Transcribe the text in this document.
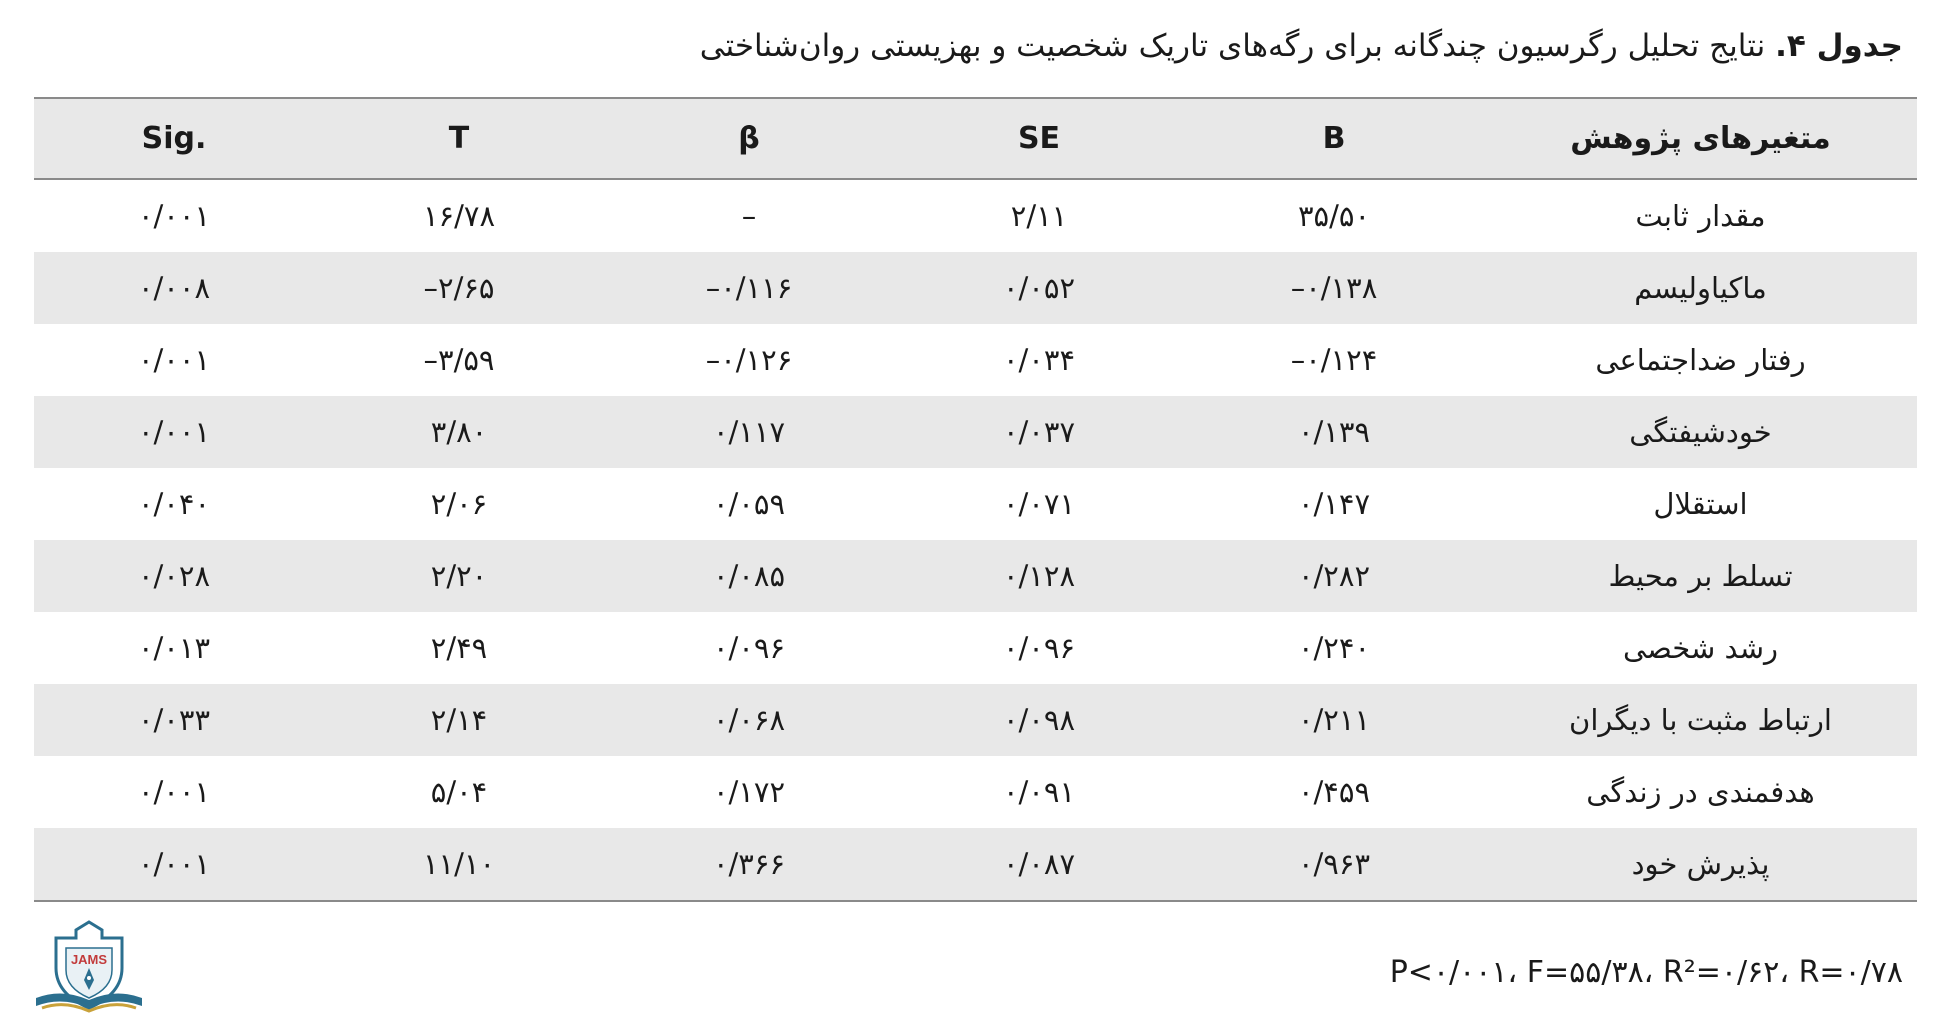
جدول ۴. نتایج تحلیل رگرسیون چندگانه برای رگه‌های تاریک شخصیت و بهزیستی روان‌شناختی
Sig.	T	β	SE	B	متغیرهای پژوهش
۰/۰۰۱	۱۶/۷۸	–	۲/۱۱	۳۵/۵۰	مقدار ثابت
۰/۰۰۸	–۲/۶۵	–۰/۱۱۶	۰/۰۵۲	–۰/۱۳۸	ماکیاولیسم
۰/۰۰۱	–۳/۵۹	–۰/۱۲۶	۰/۰۳۴	–۰/۱۲۴	رفتار ضداجتماعی
۰/۰۰۱	۳/۸۰	۰/۱۱۷	۰/۰۳۷	۰/۱۳۹	خودشیفتگی
۰/۰۴۰	۲/۰۶	۰/۰۵۹	۰/۰۷۱	۰/۱۴۷	استقلال
۰/۰۲۸	۲/۲۰	۰/۰۸۵	۰/۱۲۸	۰/۲۸۲	تسلط بر محیط
۰/۰۱۳	۲/۴۹	۰/۰۹۶	۰/۰۹۶	۰/۲۴۰	رشد شخصی
۰/۰۳۳	۲/۱۴	۰/۰۶۸	۰/۰۹۸	۰/۲۱۱	ارتباط مثبت با دیگران
۰/۰۰۱	۵/۰۴	۰/۱۷۲	۰/۰۹۱	۰/۴۵۹	هدفمندی در زندگی
۰/۰۰۱	۱۱/۱۰	۰/۳۶۶	۰/۰۸۷	۰/۹۶۳	پذیرش خود
P<۰/۰۰۱، F=۵۵/۳۸، R²=۰/۶۲، R=۰/۷۸
JAMS
